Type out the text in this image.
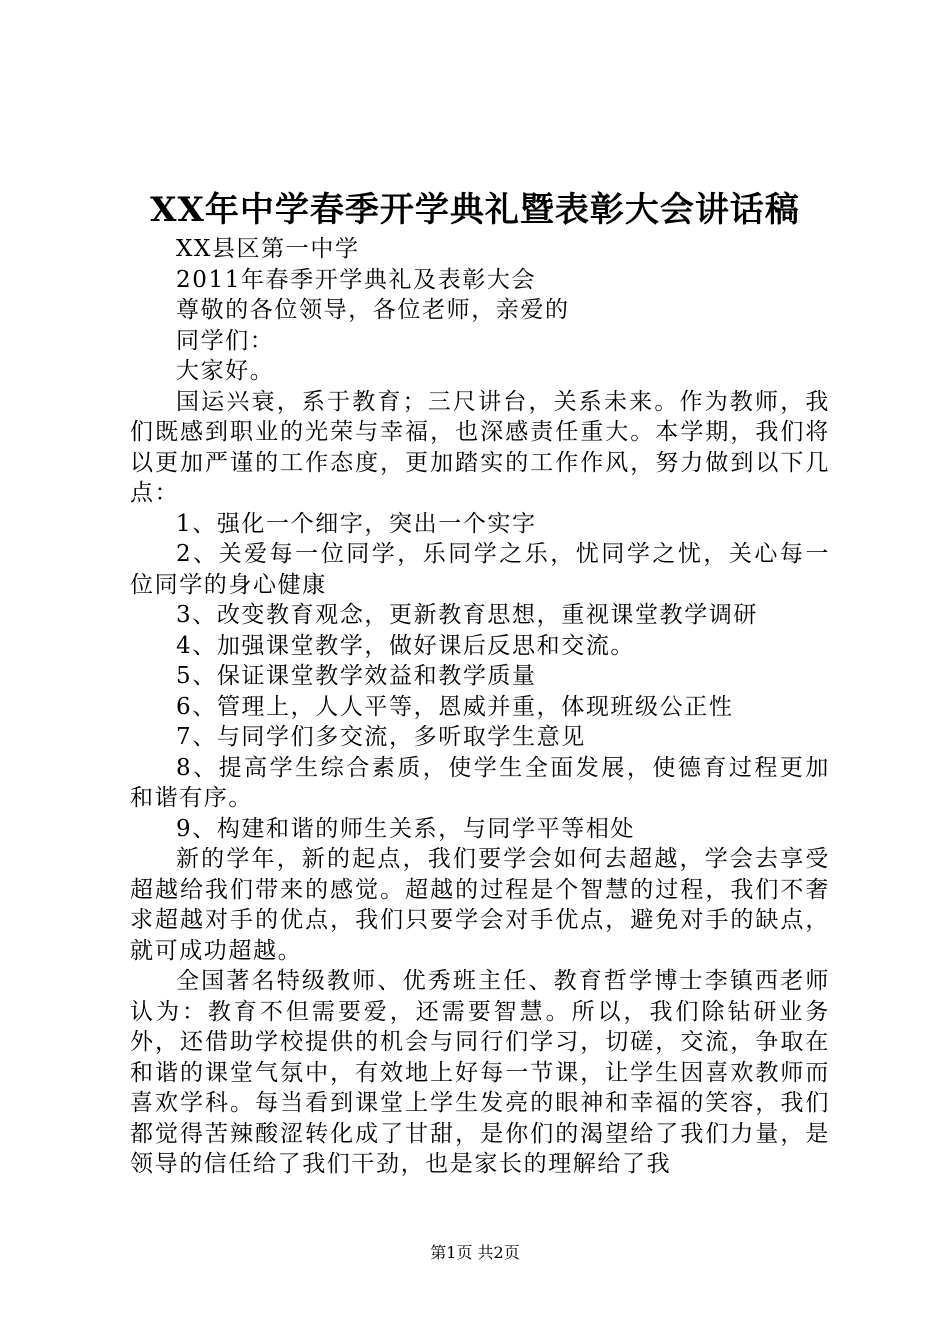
XX年中学春季开学典礼暨表彰大会讲话稿

XX县区第一中学

2011年春季开学典礼及表彰大会

尊敬的各位领导，各位老师，亲爱的

同学们：

大家好。

国运兴衰，系于教育；三尺讲台，关系未来。作为教师，我们既感到职业的光荣与幸福，也深感责任重大。本学期，我们将以更加严谨的工作态度，更加踏实的工作作风，努力做到以下几点：

1、强化一个细字，突出一个实字

2、关爱每一位同学，乐同学之乐，忧同学之忧，关心每一位同学的身心健康

3、改变教育观念，更新教育思想，重视课堂教学调研

4、加强课堂教学，做好课后反思和交流。

5、保证课堂教学效益和教学质量

6、管理上，人人平等，恩威并重，体现班级公正性

7、与同学们多交流，多听取学生意见

8、提高学生综合素质，使学生全面发展，使德育过程更加和谐有序。

9、构建和谐的师生关系，与同学平等相处

新的学年，新的起点，我们要学会如何去超越，学会去享受超越给我们带来的感觉。超越的过程是个智慧的过程，我们不奢求超越对手的优点，我们只要学会对手优点，避免对手的缺点，就可成功超越。

全国著名特级教师、优秀班主任、教育哲学博士李镇西老师认为：教育不但需要爱，还需要智慧。所以，我们除钻研业务外，还借助学校提供的机会与同行们学习，切磋，交流，争取在和谐的课堂气氛中，有效地上好每一节课，让学生因喜欢教师而喜欢学科。每当看到课堂上学生发亮的眼神和幸福的笑容，我们都觉得苦辣酸涩转化成了甘甜，是你们的渴望给了我们力量，是领导的信任给了我们干劲，也是家长的理解给了我

第1页 共2页
